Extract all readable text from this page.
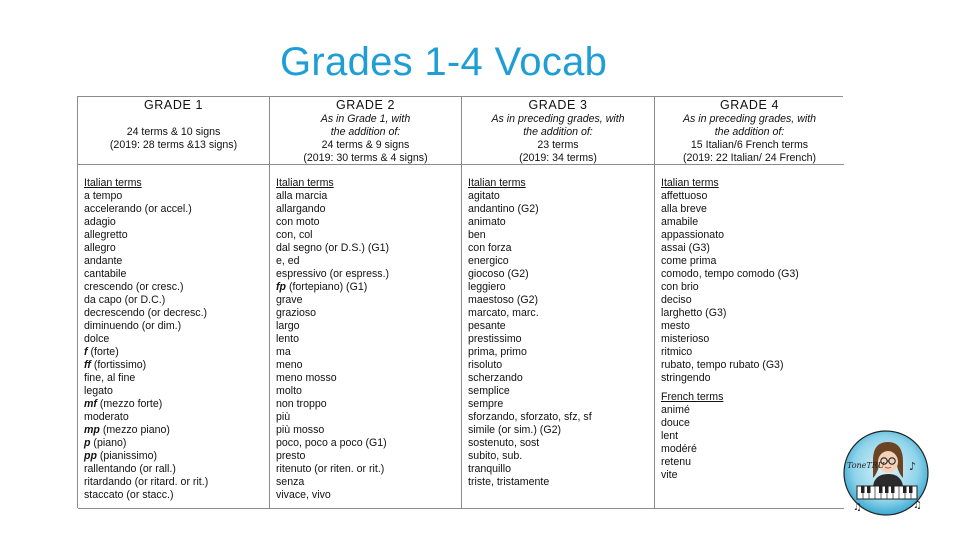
Grades 1-4 Vocab
GRADE 1
24 terms & 10 signs
(2019: 28 terms &13 signs)
GRADE 2
As in Grade 1, with
the addition of:
24 terms & 9 signs
(2019: 30 terms & 4 signs)
GRADE 3
As in preceding grades, with
the addition of:
23 terms
(2019: 34 terms)
GRADE 4
As in preceding grades, with
the addition of:
15 Italian/6 French terms
(2019: 22 Italian/ 24 French)
Italian terms
a tempo
accelerando (or accel.)
adagio
allegretto
allegro
andante
cantabile
crescendo (or cresc.)
da capo (or D.C.)
decrescendo (or decresc.)
diminuendo (or dim.)
dolce
f (forte)
ff (fortissimo)
fine, al fine
legato
mf (mezzo forte)
moderato
mp (mezzo piano)
p (piano)
pp (pianissimo)
rallentando (or rall.)
ritardando (or ritard. or rit.)
staccato (or stacc.)
Italian terms
alla marcia
allargando
con moto
con, col
dal segno (or D.S.) (G1)
e, ed
espressivo (or espress.)
fp (fortepiano) (G1)
grave
grazioso
largo
lento
ma
meno
meno mosso
molto
non troppo
più
più mosso
poco, poco a poco (G1)
presto
ritenuto (or riten. or rit.)
senza
vivace, vivo
Italian terms
agitato
andantino (G2)
animato
ben
con forza
energico
giocoso (G2)
leggiero
maestoso (G2)
marcato, marc.
pesante
prestissimo
prima, primo
risoluto
scherzando
semplice
sempre
sforzando, sforzato, sfz, sf
simile (or sim.) (G2)
sostenuto, sost
subito, sub.
tranquillo
triste, tristamente
Italian terms
affettuoso
alla breve
amabile
appassionato
assai (G3)
come prima
comodo, tempo comodo (G3)
con brio
deciso
larghetto (G3)
mesto
misterioso
ritmico
rubato, tempo rubato (G3)
stringendo
French terms
animé
douce
lent
modéré
retenu
vite
♪
♫
♫
ToneTRU
